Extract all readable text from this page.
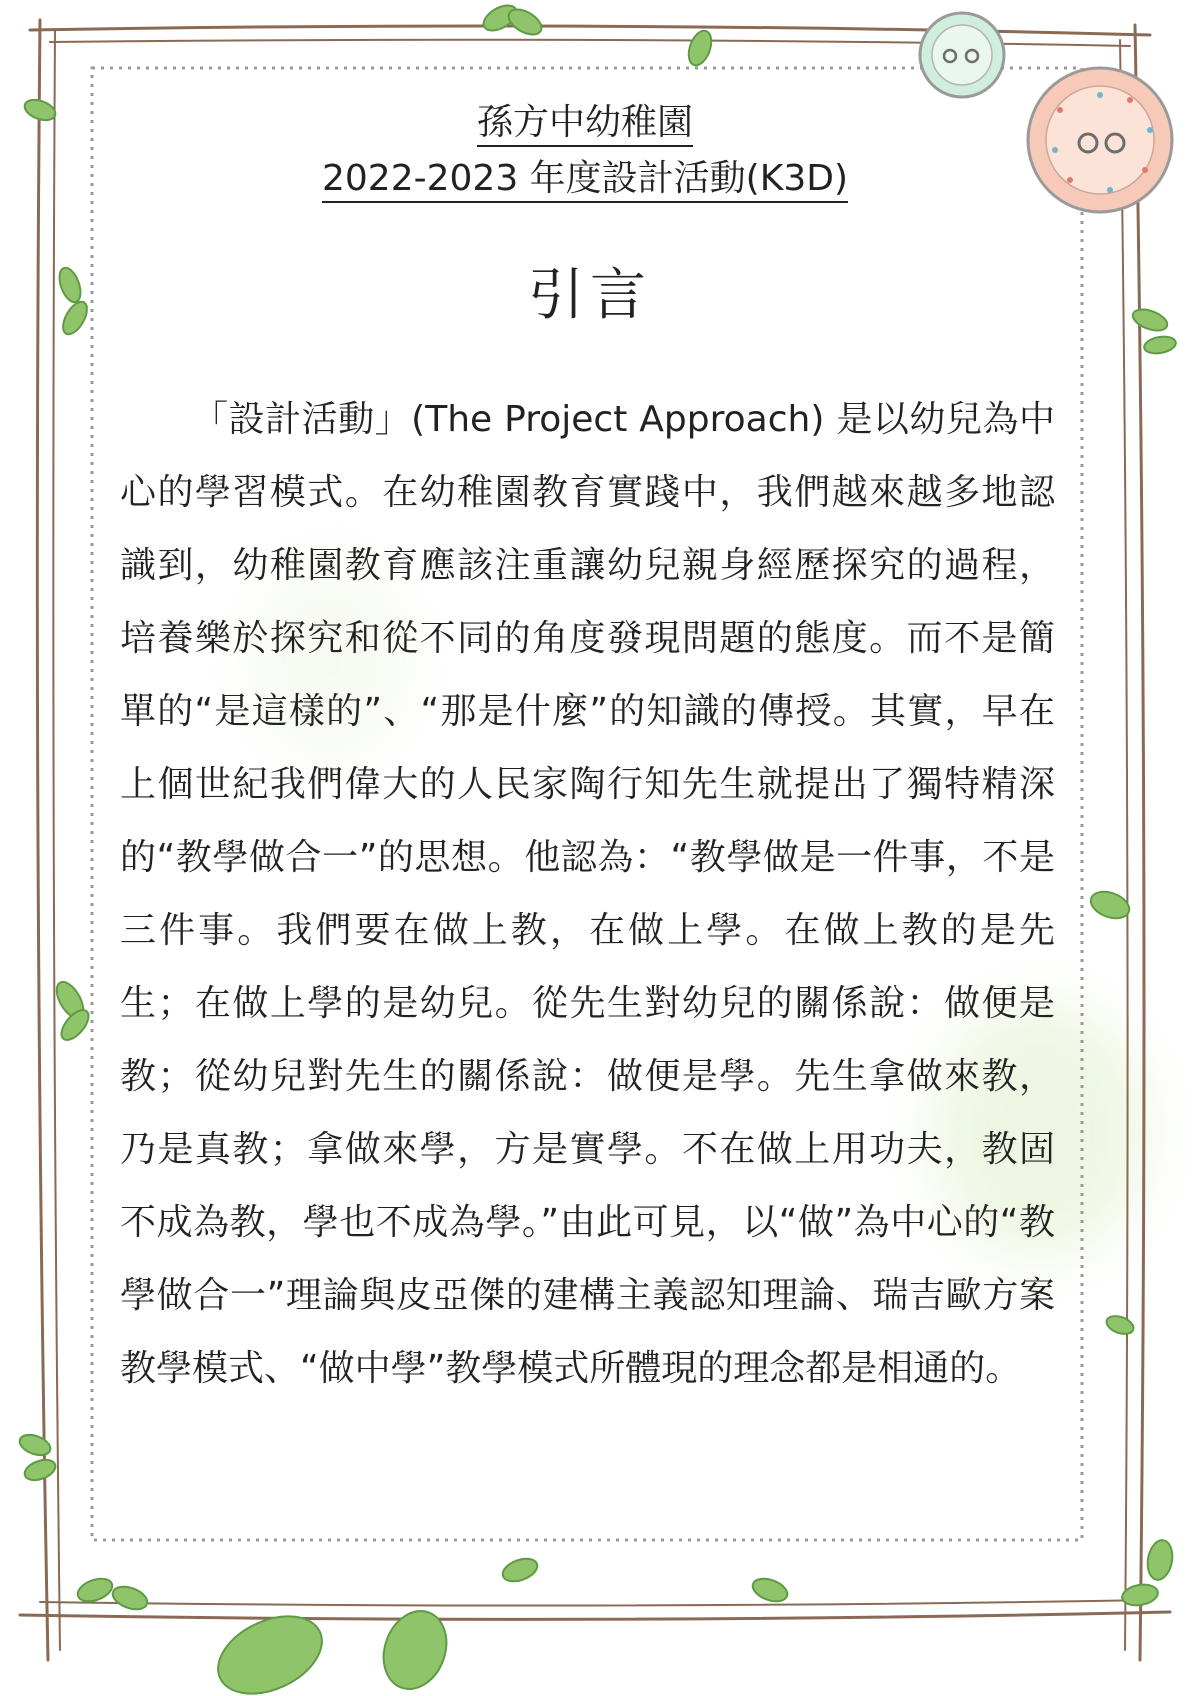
孫方中幼稚園
2022-2023 年度設計活動(K3D)
引言

「設計活動」(The Project Approach) 是以幼兒為中心的學習模式。在幼稚園教育實踐中，我們越來越多地認識到，幼稚園教育應該注重讓幼兒親身經歷探究的過程，培養樂於探究和從不同的角度發現問題的態度。而不是簡單的“是這樣的”、“那是什麼”的知識的傳授。其實，早在上個世紀我們偉大的人民家陶行知先生就提出了獨特精深的“教學做合一”的思想。他認為：“教學做是一件事，不是三件事。我們要在做上教，在做上學。在做上教的是先生；在做上學的是幼兒。從先生對幼兒的關係說：做便是教；從幼兒對先生的關係說：做便是學。先生拿做來教，乃是真教；拿做來學，方是實學。不在做上用功夫，教固不成為教，學也不成為學。”由此可見，以“做”為中心的“教學做合一”理論與皮亞傑的建構主義認知理論、瑞吉歐方案教學模式、“做中學”教學模式所體現的理念都是相通的。
